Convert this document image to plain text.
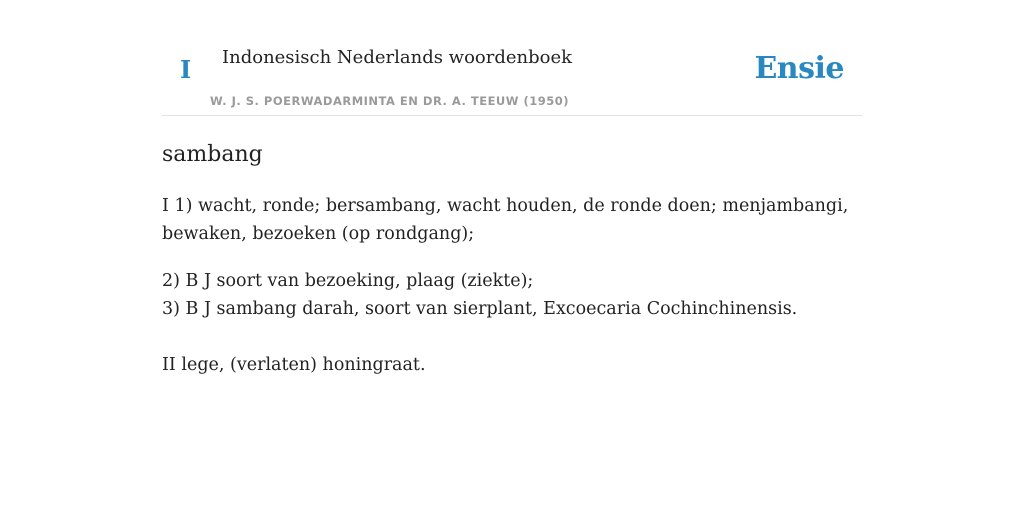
I Indonesisch Nederlands woordenboek
W. J. S. POERWADARMINTA EN DR. A. TEEUW (1950)
Ensie
sambang

I 1) wacht, ronde; bersambang, wacht houden, de ronde doen; menjambangi, bewaken, bezoeken (op rondgang);

2) B J soort van bezoeking, plaag (ziekte);

3) B J sambang darah, soort van sierplant, Excoecaria Cochinchinensis.

II lege, (verlaten) honingraat.
